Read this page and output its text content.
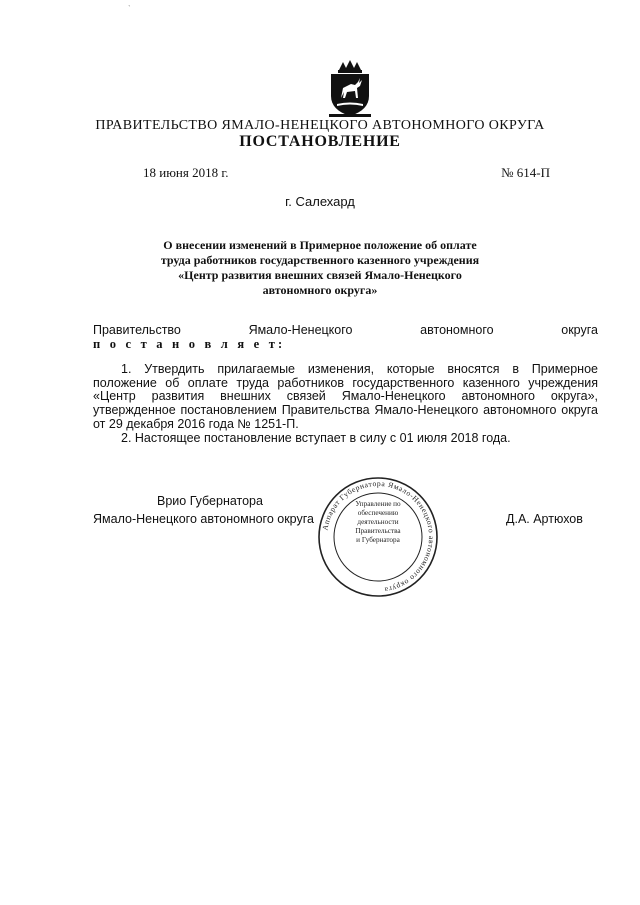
`
ПРАВИТЕЛЬСТВО ЯМАЛО-НЕНЕЦКОГО АВТОНОМНОГО ОКРУГА
ПОСТАНОВЛЕНИЕ
18 июня 2018 г.	№ 614-П
г. Салехард
О внесении изменений в Примерное положение об оплате
труда работников государственного казенного учреждения
«Центр развития внешних связей Ямало-Ненецкого
автономного округа»
Правительство	Ямало-Ненецкого	автономного	округа
п о с т а н о в л я е т:

1. Утвердить прилагаемые изменения, которые вносятся в Примерное положение об оплате труда работников государственного казенного учреждения «Центр развития внешних связей Ямало-Ненецкого автономного округа», утвержденное постановлением Правительства Ямало-Ненецкого автономного округа от 29 декабря 2016 года № 1251-П.

2. Настоящее постановление вступает в силу с 01 июля 2018 года.

Врио Губернатора
Ямало-Ненецкого автономного округа	Д.А. Артюхов
Аппарат Губернатора Ямало-Ненецкого автономного округа
Управление по
обеспечению
деятельности
Правительства
и Губернатора
